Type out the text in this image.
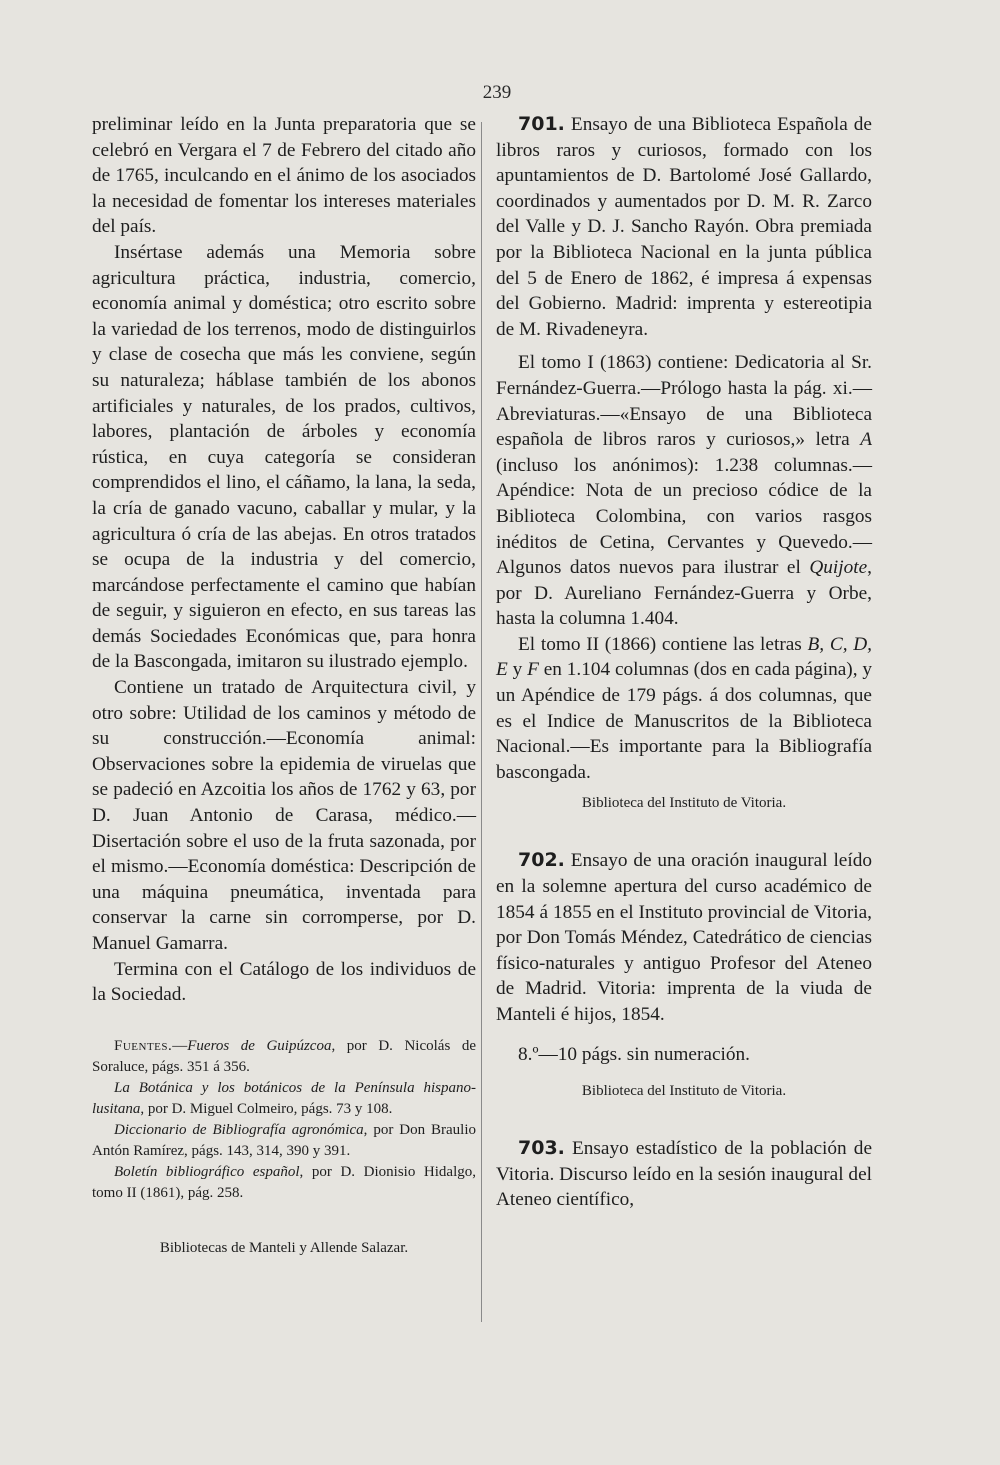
239

preliminar leído en la Junta preparatoria que se celebró en Vergara el 7 de Febrero del citado año de 1765, inculcando en el ánimo de los asociados la necesidad de fomentar los intereses materiales del país.

Insértase además una Memoria sobre agricultura práctica, industria, comercio, economía animal y doméstica; otro escrito sobre la variedad de los terrenos, modo de distinguirlos y clase de cosecha que más les conviene, según su naturaleza; háblase también de los abonos artificiales y naturales, de los prados, cultivos, labores, plantación de árboles y economía rústica, en cuya categoría se consideran comprendidos el lino, el cáñamo, la lana, la seda, la cría de ganado vacuno, caballar y mular, y la agricultura ó cría de las abejas. En otros tratados se ocupa de la industria y del comercio, marcándose perfectamente el camino que habían de seguir, y siguieron en efecto, en sus tareas las demás Sociedades Económicas que, para honra de la Bascongada, imitaron su ilustrado ejemplo.

Contiene un tratado de Arquitectura civil, y otro sobre: Utilidad de los caminos y método de su construcción.—Economía animal: Observaciones sobre la epidemia de viruelas que se padeció en Azcoitia los años de 1762 y 63, por D. Juan Antonio de Carasa, médico.—Disertación sobre el uso de la fruta sazonada, por el mismo.—Economía doméstica: Descripción de una máquina pneumática, inventada para conservar la carne sin corromperse, por D. Manuel Gamarra.

Termina con el Catálogo de los individuos de la Sociedad.

Fuentes.—Fueros de Guipúzcoa, por D. Nicolás de Soraluce, págs. 351 á 356.

La Botánica y los botánicos de la Península hispano-lusitana, por D. Miguel Colmeiro, págs. 73 y 108.

Diccionario de Bibliografía agronómica, por Don Braulio Antón Ramírez, págs. 143, 314, 390 y 391.

Boletín bibliográfico español, por D. Dionisio Hidalgo, tomo II (1861), pág. 258.

Bibliotecas de Manteli y Allende Salazar.

701. Ensayo de una Biblioteca Española de libros raros y curiosos, formado con los apuntamientos de D. Bartolomé José Gallardo, coordinados y aumentados por D. M. R. Zarco del Valle y D. J. Sancho Rayón. Obra premiada por la Biblioteca Nacional en la junta pública del 5 de Enero de 1862, é impresa á expensas del Gobierno. Madrid: imprenta y estereotipia de M. Rivadeneyra.

El tomo I (1863) contiene: Dedicatoria al Sr. Fernández-Guerra.—Prólogo hasta la pág. xi.—Abreviaturas.—«Ensayo de una Biblioteca española de libros raros y curiosos,» letra A (incluso los anónimos): 1.238 columnas.—Apéndice: Nota de un precioso códice de la Biblioteca Colombina, con varios rasgos inéditos de Cetina, Cervantes y Quevedo.—Algunos datos nuevos para ilustrar el Quijote, por D. Aureliano Fernández-Guerra y Orbe, hasta la columna 1.404.

El tomo II (1866) contiene las letras B, C, D, E y F en 1.104 columnas (dos en cada página), y un Apéndice de 179 págs. á dos columnas, que es el Indice de Manuscritos de la Biblioteca Nacional.—Es importante para la Bibliografía bascongada.

Biblioteca del Instituto de Vitoria.

702. Ensayo de una oración inaugural leído en la solemne apertura del curso académico de 1854 á 1855 en el Instituto provincial de Vitoria, por Don Tomás Méndez, Catedrático de ciencias físico-naturales y antiguo Profesor del Ateneo de Madrid. Vitoria: imprenta de la viuda de Manteli é hijos, 1854.

8.º—10 págs. sin numeración.

Biblioteca del Instituto de Vitoria.

703. Ensayo estadístico de la población de Vitoria. Discurso leído en la sesión inaugural del Ateneo científico,
